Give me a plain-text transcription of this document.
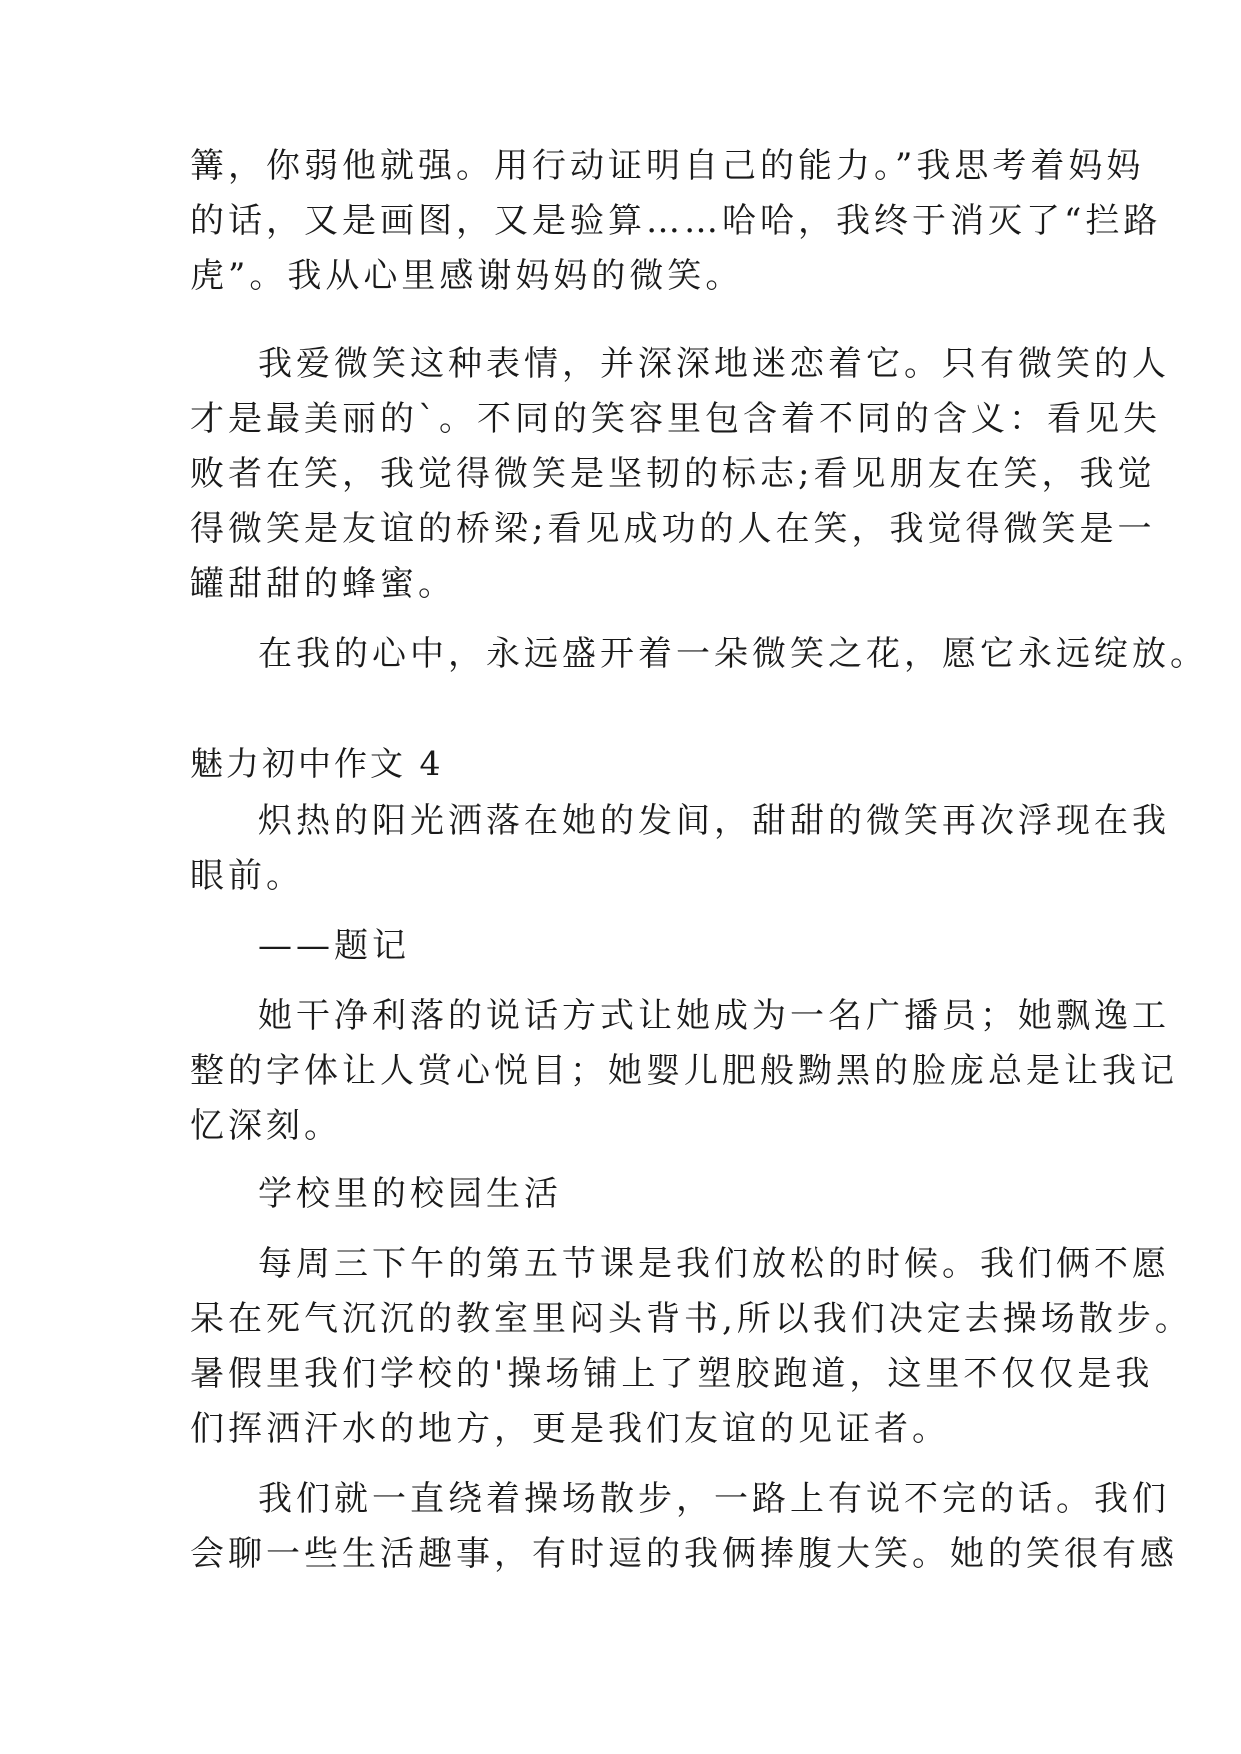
篝，你弱他就强。用行动证明自己的能力。”我思考着妈妈
的话，又是画图，又是验算……哈哈，我终于消灭了“拦路
虎”。我从心里感谢妈妈的微笑。
我爱微笑这种表情，并深深地迷恋着它。只有微笑的人
才是最美丽的`。不同的笑容里包含着不同的含义：看见失
败者在笑，我觉得微笑是坚韧的标志;看见朋友在笑，我觉
得微笑是友谊的桥梁;看见成功的人在笑，我觉得微笑是一
罐甜甜的蜂蜜。
在我的心中，永远盛开着一朵微笑之花，愿它永远绽放。
魅力初中作文 4
炽热的阳光洒落在她的发间，甜甜的微笑再次浮现在我
眼前。
——题记
她干净利落的说话方式让她成为一名广播员；她飘逸工
整的字体让人赏心悦目；她婴儿肥般黝黑的脸庞总是让我记
忆深刻。
学校里的校园生活
每周三下午的第五节课是我们放松的时候。我们俩不愿
呆在死气沉沉的教室里闷头背书,所以我们决定去操场散步。
暑假里我们学校的'操场铺上了塑胶跑道，这里不仅仅是我
们挥洒汗水的地方，更是我们友谊的见证者。
我们就一直绕着操场散步，一路上有说不完的话。我们
会聊一些生活趣事，有时逗的我俩捧腹大笑。她的笑很有感
